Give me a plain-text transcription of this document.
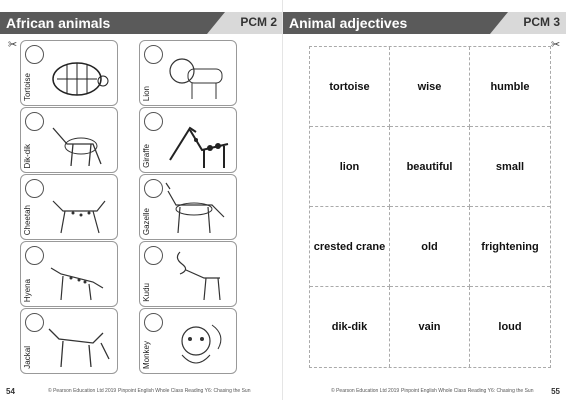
African animals	PCM 2
✂
Tortoise	Lion
Dik-dik	Giraffe
Cheetah	Gazelle
Hyena	Kudu
Jackal	Monkey
54	© Pearson Education Ltd 2019 Pinpoint English Whole Class Reading Y6: Chasing the Sun
Animal adjectives	PCM 3
✂
tortoise	wise	humble
lion	beautiful	small
crested crane	old	frightening
dik-dik	vain	loud
© Pearson Education Ltd 2019 Pinpoint English Whole Class Reading Y6: Chasing the Sun 55
